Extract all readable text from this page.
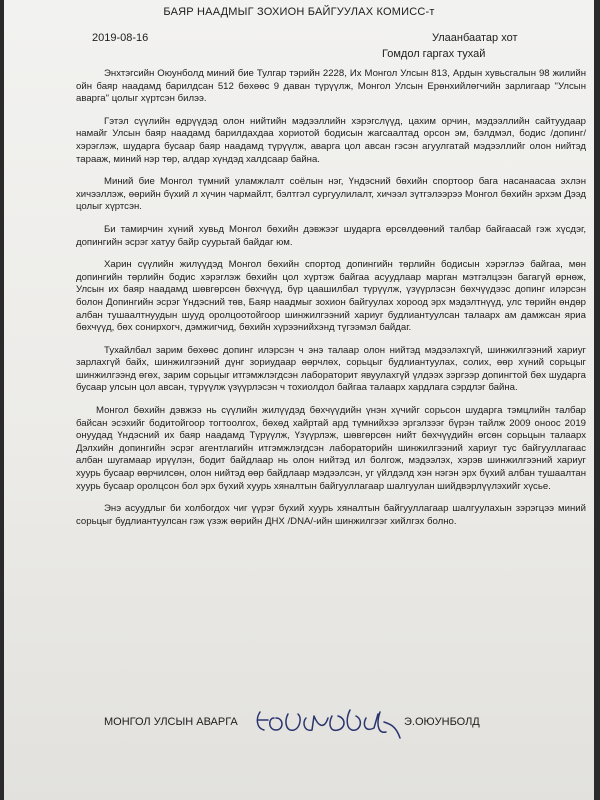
БАЯР НААДМЫГ ЗОХИОН БАЙГУУЛАХ КОМИСС-т
2019-08-16	Улаанбаатар хот
Гомдол гаргах тухай

Энхтэгсийн Оюунболд миний бие Тулгар тэрийн 2228, Их Монгол Улсын 813, Ардын хувьсгалын 98 жилийн ойн баяр наадамд барилдсан 512 бөхөөс 9 даван түрүүлж, Монгол Улсын Ерөнхийлөгчийн зарлигаар "Улсын аварга" цолыг хүртсэн билээ.

Гэтэл сүүлийн өдрүүдэд олон нийтийн мэдээллийн хэрэгслүүд, цахим орчин, мэдээллийн сайтуудаар намайг Улсын баяр наадамд барилдахдаа хориотой бодисын жагсаалтад орсон эм, бэлдмэл, бодис /допинг/ хэрэглэж, шударга бусаар баяр наадамд түрүүлж, аварга цол авсан гэсэн агуулгатай мэдээллийг олон нийтэд тарааж, миний нэр төр, алдар хүндэд халдсаар байна.

Миний бие Монгол түмний уламжлалт соёлын нэг, Үндэсний бөхийн спортоор бага насанаасаа эхлэн хичээллэж, өөрийн бүхий л хүчин чармайлт, бэлтгэл сургуулилалт, хичээл зүтгэлээрээ Монгол бөхийн эрхэм Дээд цолыг хүртсэн.

Би тамирчин хүний хувьд Монгол бөхийн дэвжээг шударга өрсөлдөөний талбар байгаасай гэж хүсдэг, допингийн эсрэг хатуу байр суурьтай байдаг юм.

Харин сүүлийн жилүүдэд Монгол бөхийн спортод допингийн төрлийн бодисын хэрэглээ байгаа, мөн допингийн төрлийн бодис хэрэглэж бөхийн цол хүртэж байгаа асуудлаар марган мэтгэлцээн багагүй өрнөж, Улсын их баяр наадамд шөвгөрсөн бөхчүүд, бүр цаашилбал түрүүлж, үзүүрлэсэн бөхчүүдээс допинг илэрсэн болон Допингийн эсрэг Үндэсний төв, Баяр наадмыг зохион байгуулах хороод эрх мэдэлтнүүд, улс төрийн өндөр албан тушаалтнуудын шууд оролцоотойгоор шинжилгээний хариуг будлиантуулсан талаарх ам дамжсан яриа бөхчүүд, бөх сонирхогч, дэмжигчид, бөхийн хүрээнийхэнд түгээмэл байдаг.

Тухайлбал зарим бөхөөс допинг илэрсэн ч энэ талаар олон нийтэд мэдээлэхгүй, шинжилгээний хариуг зарлахгүй байх, шинжилгээний дүнг зориудаар өөрчлөх, сорьцыг будлиантуулах, солих, өөр хүний сорьцыг шинжилгээнд өгөх, зарим сорьцыг итгэмжлэгдсэн лабораторит явуулахгүй үлдээх зэргээр допингтой бөх шударга бусаар улсын цол авсан, түрүүлж үзүүрлэсэн ч тохиолдол байгаа талаарх хардлага сэрдлэг байна.

Монгол бөхийн дэвжээ нь сүүлийн жилүүдэд бөхчүүдийн үнэн хүчийг сорьсон шударга тэмцлийн талбар байсан эсэхийг бодитойгоор тогтоолгох, бөхөд хайртай ард түмнийхээ эргэлзээг бүрэн тайлж 2009 оноос 2019 онуудад Үндэсний их баяр наадамд Түрүүлж, Үзүүрлэж, шөвгөрсөн нийт бөхчүүдийн өгсөн сорьцын талаарх Дэлхийн допингийн эсрэг агентлагийн итгэмжлэгдсэн лабораторийн шинжилгээний хариуг тус байгууллагаас албан шугамаар ирүүлэн, бодит байдлаар нь олон нийтэд ил болгож, мэдээлэх, хэрэв шинжилгээний хариуг хуурь бусаар өөрчилсөн, олон нийтэд өөр байдлаар мэдээлсэн, уг үйлдэлд хэн нэгэн эрх бүхий албан тушаалтан хуурь бусаар оролцсон бол эрх бүхий хуурь хяналтын байгууллагаар шалгуулан шийдвэрлүүлэхийг хүсье.

Энэ асуудлыг би холбогдох чиг үүрэг бүхий хуурь хяналтын байгууллагаар шалгуулахын зэрэгцээ миний сорьцыг будлиантуулсан гэж үзэж өөрийн ДНХ /DNA/-ийн шинжилгээг хийлгэх болно.

МОНГОЛ УЛСЫН АВАРГА	Э.ОЮУНБОЛД
